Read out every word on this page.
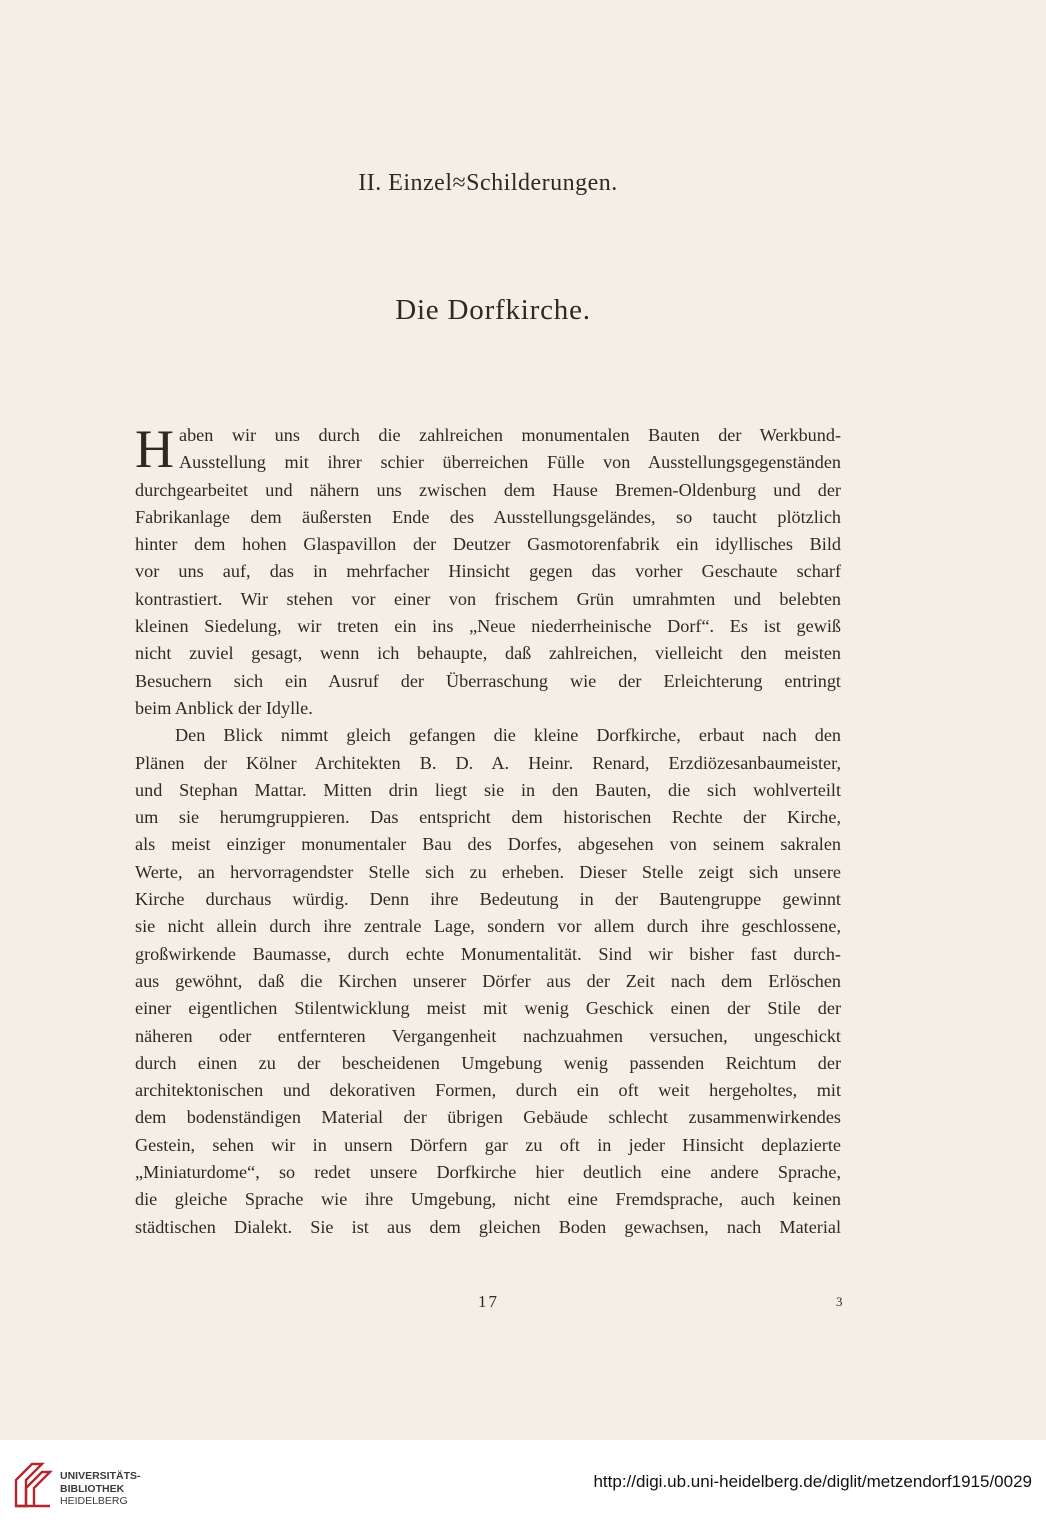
II. Einzel≈Schilderungen.
Die Dorfkirche.
H aben wir uns durch die zahlreichen monumentalen Bauten der Werkbund-
Ausstellung mit ihrer schier überreichen Fülle von Ausstellungsgegenständen
durchgearbeitet und nähern uns zwischen dem Hause Bremen-Oldenburg und der
Fabrikanlage dem äußersten Ende des Ausstellungsgeländes, so taucht plötzlich
hinter dem hohen Glaspavillon der Deutzer Gasmotorenfabrik ein idyllisches Bild
vor uns auf, das in mehrfacher Hinsicht gegen das vorher Geschaute scharf
kontrastiert. Wir stehen vor einer von frischem Grün umrahmten und belebten
kleinen Siedelung, wir treten ein ins „Neue niederrheinische Dorf“. Es ist gewiß
nicht zuviel gesagt, wenn ich behaupte, daß zahlreichen, vielleicht den meisten
Besuchern sich ein Ausruf der Überraschung wie der Erleichterung entringt
beim Anblick der Idylle.
Den Blick nimmt gleich gefangen die kleine Dorfkirche, erbaut nach den
Plänen der Kölner Architekten B. D. A. Heinr. Renard, Erzdiözesanbaumeister,
und Stephan Mattar. Mitten drin liegt sie in den Bauten, die sich wohlverteilt
um sie herumgruppieren. Das entspricht dem historischen Rechte der Kirche,
als meist einziger monumentaler Bau des Dorfes, abgesehen von seinem sakralen
Werte, an hervorragendster Stelle sich zu erheben. Dieser Stelle zeigt sich unsere
Kirche durchaus würdig. Denn ihre Bedeutung in der Bautengruppe gewinnt
sie nicht allein durch ihre zentrale Lage, sondern vor allem durch ihre geschlossene,
großwirkende Baumasse, durch echte Monumentalität. Sind wir bisher fast durch-
aus gewöhnt, daß die Kirchen unserer Dörfer aus der Zeit nach dem Erlöschen
einer eigentlichen Stilentwicklung meist mit wenig Geschick einen der Stile der
näheren oder entfernteren Vergangenheit nachzuahmen versuchen, ungeschickt
durch einen zu der bescheidenen Umgebung wenig passenden Reichtum der
architektonischen und dekorativen Formen, durch ein oft weit hergeholtes, mit
dem bodenständigen Material der übrigen Gebäude schlecht zusammenwirkendes
Gestein, sehen wir in unsern Dörfern gar zu oft in jeder Hinsicht deplazierte
„Miniaturdome“, so redet unsere Dorfkirche hier deutlich eine andere Sprache,
die gleiche Sprache wie ihre Umgebung, nicht eine Fremdsprache, auch keinen
städtischen Dialekt. Sie ist aus dem gleichen Boden gewachsen, nach Material
17	3
UNIVERSITÄTS-
BIBLIOTHEK
HEIDELBERG
http://digi.ub.uni-heidelberg.de/diglit/metzendorf1915/0029
